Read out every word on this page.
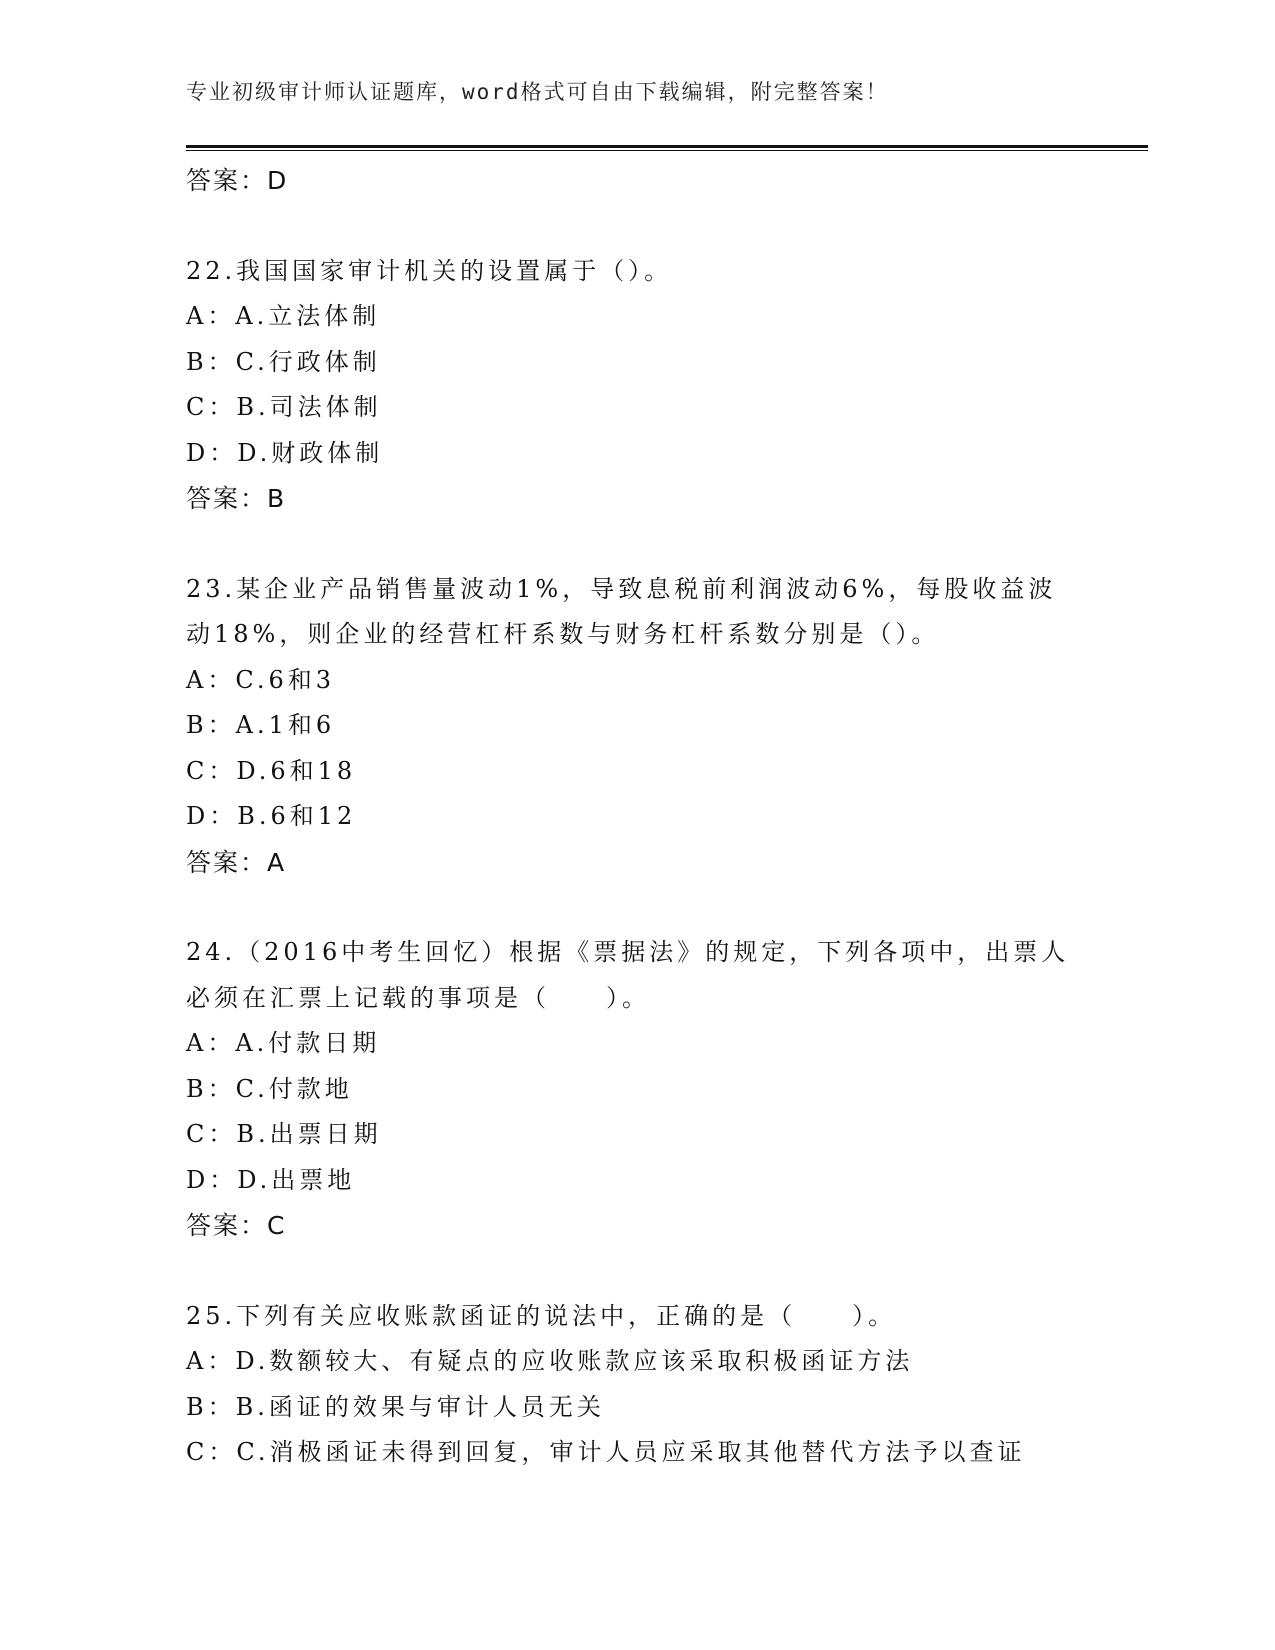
专业初级审计师认证题库，word格式可自由下载编辑，附完整答案！
答案：D
22.我国国家审计机关的设置属于（）。
A：A.立法体制
B：C.行政体制
C：B.司法体制
D：D.财政体制
答案：B
23.某企业产品销售量波动1%，导致息税前利润波动6%，每股收益波
动18%，则企业的经营杠杆系数与财务杠杆系数分别是（）。
A：C.6和3
B：A.1和6
C：D.6和18
D：B.6和12
答案：A
24.（2016中考生回忆）根据《票据法》的规定，下列各项中，出票人
必须在汇票上记载的事项是（　　）。
A：A.付款日期
B：C.付款地
C：B.出票日期
D：D.出票地
答案：C
25.下列有关应收账款函证的说法中，正确的是（　　）。
A：D.数额较大、有疑点的应收账款应该采取积极函证方法
B：B.函证的效果与审计人员无关
C：C.消极函证未得到回复，审计人员应采取其他替代方法予以查证
